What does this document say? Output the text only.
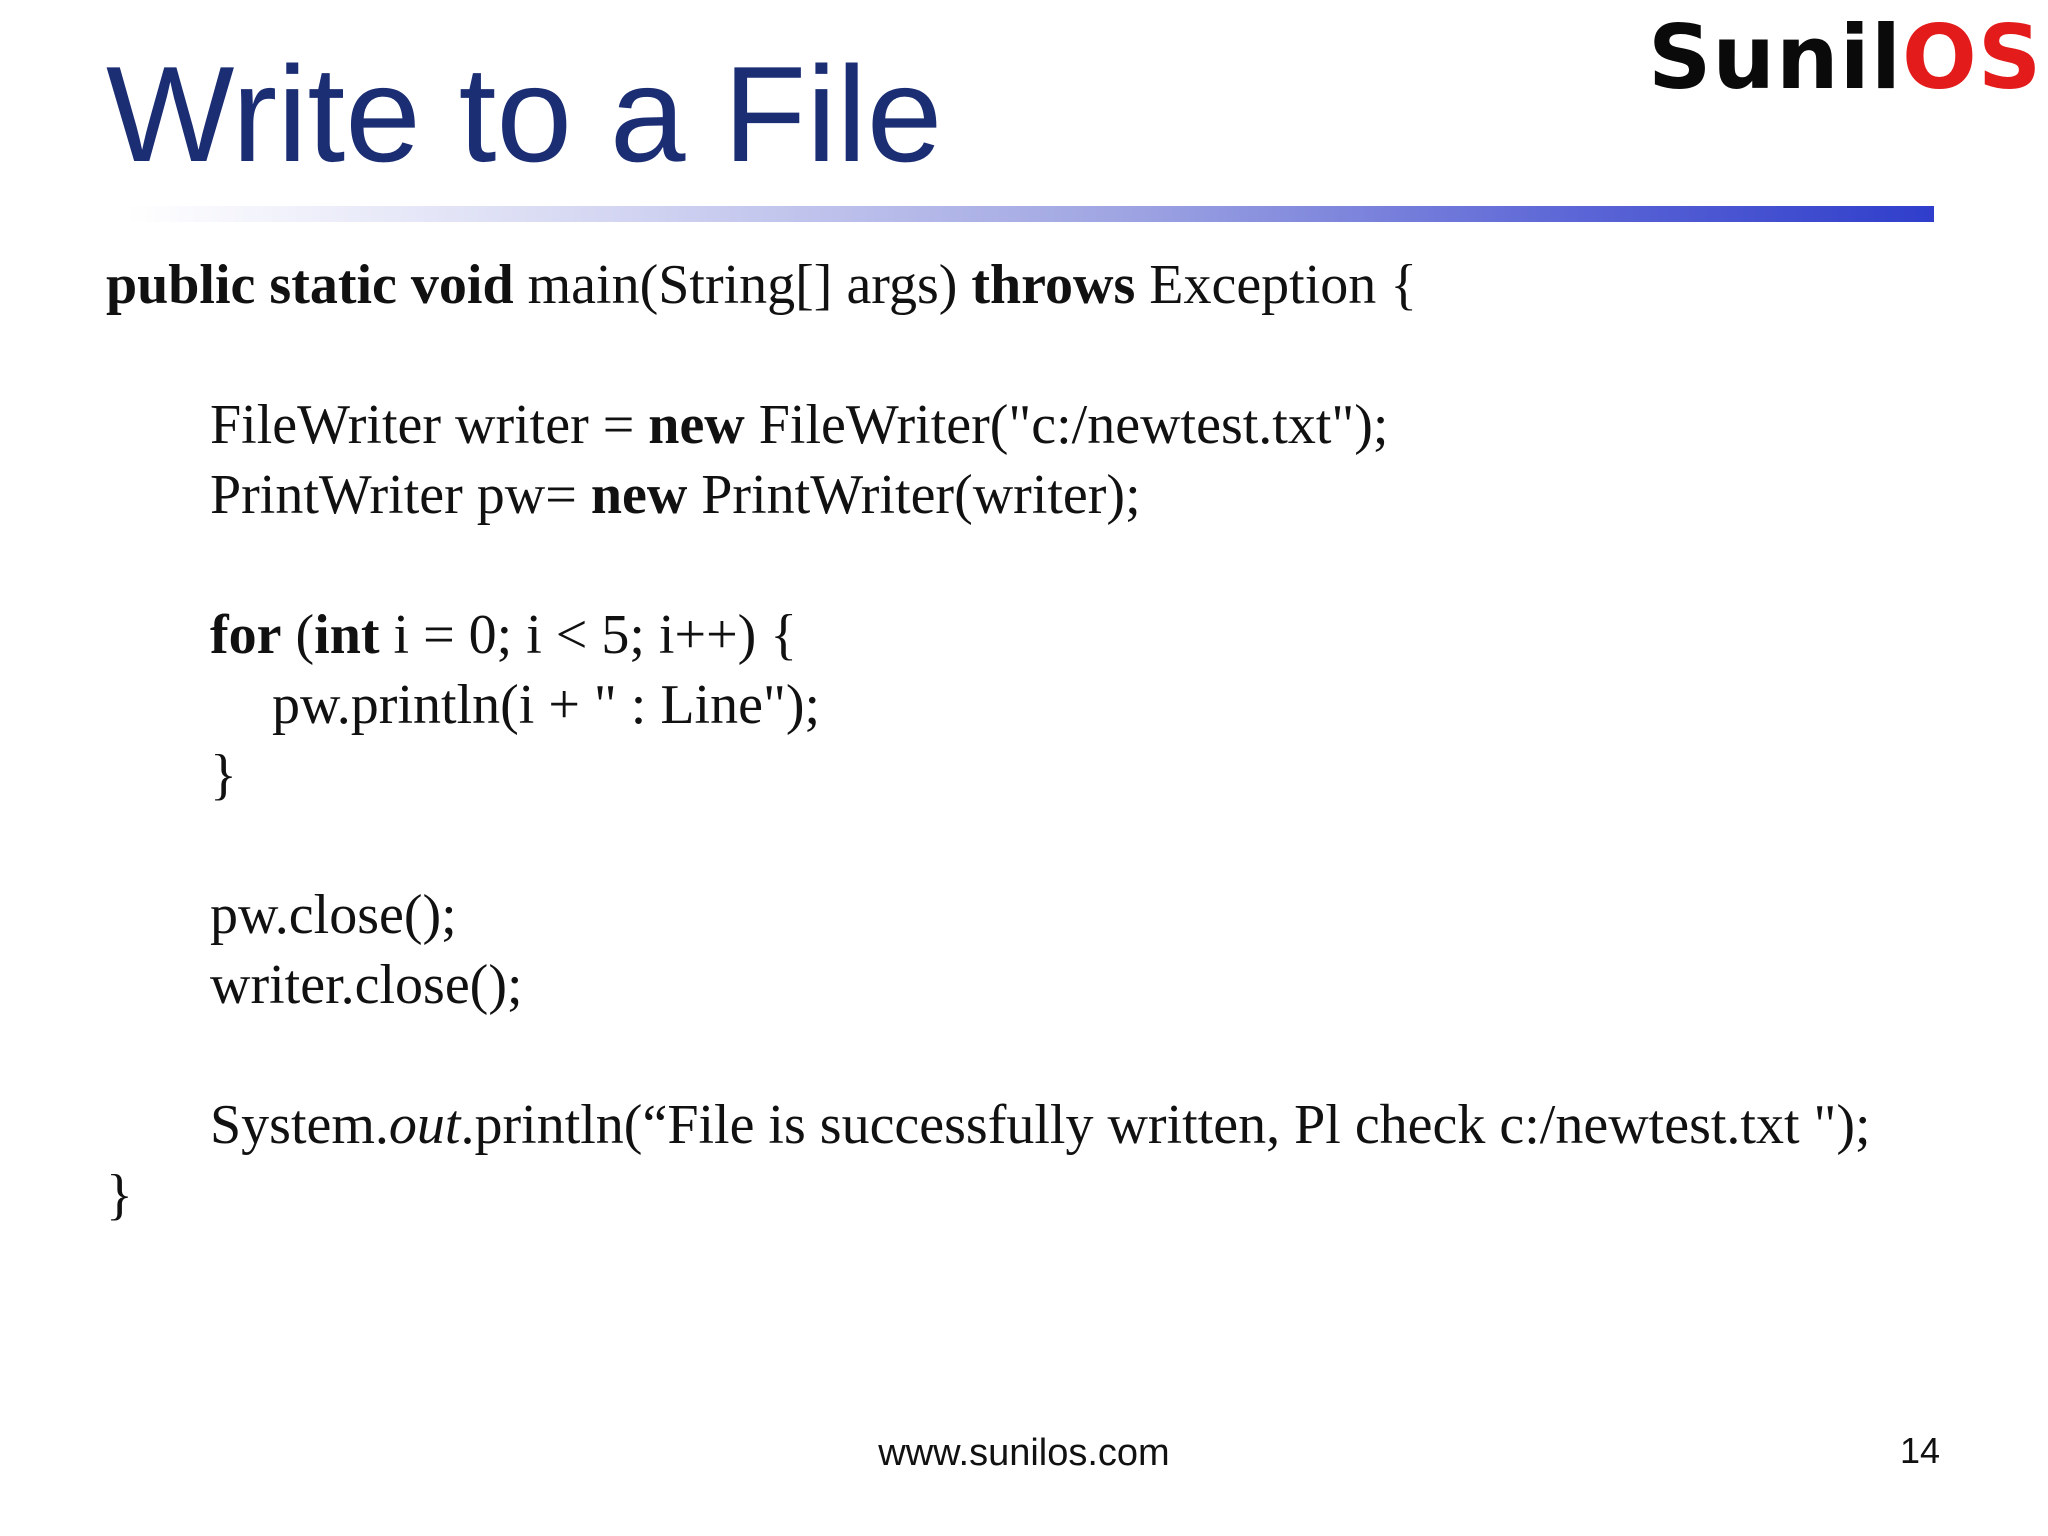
Write to a File	SunilOS
public static void main(String[] args) throws Exception {
FileWriter writer = new FileWriter("c:/newtest.txt");
PrintWriter pw= new PrintWriter(writer);
for (int i = 0; i < 5; i++) {
pw.println(i + " : Line");
}
pw.close();
writer.close();
System.out.println(“File is successfully written, Pl check c:/newtest.txt ");
}
www.sunilos.com	14
